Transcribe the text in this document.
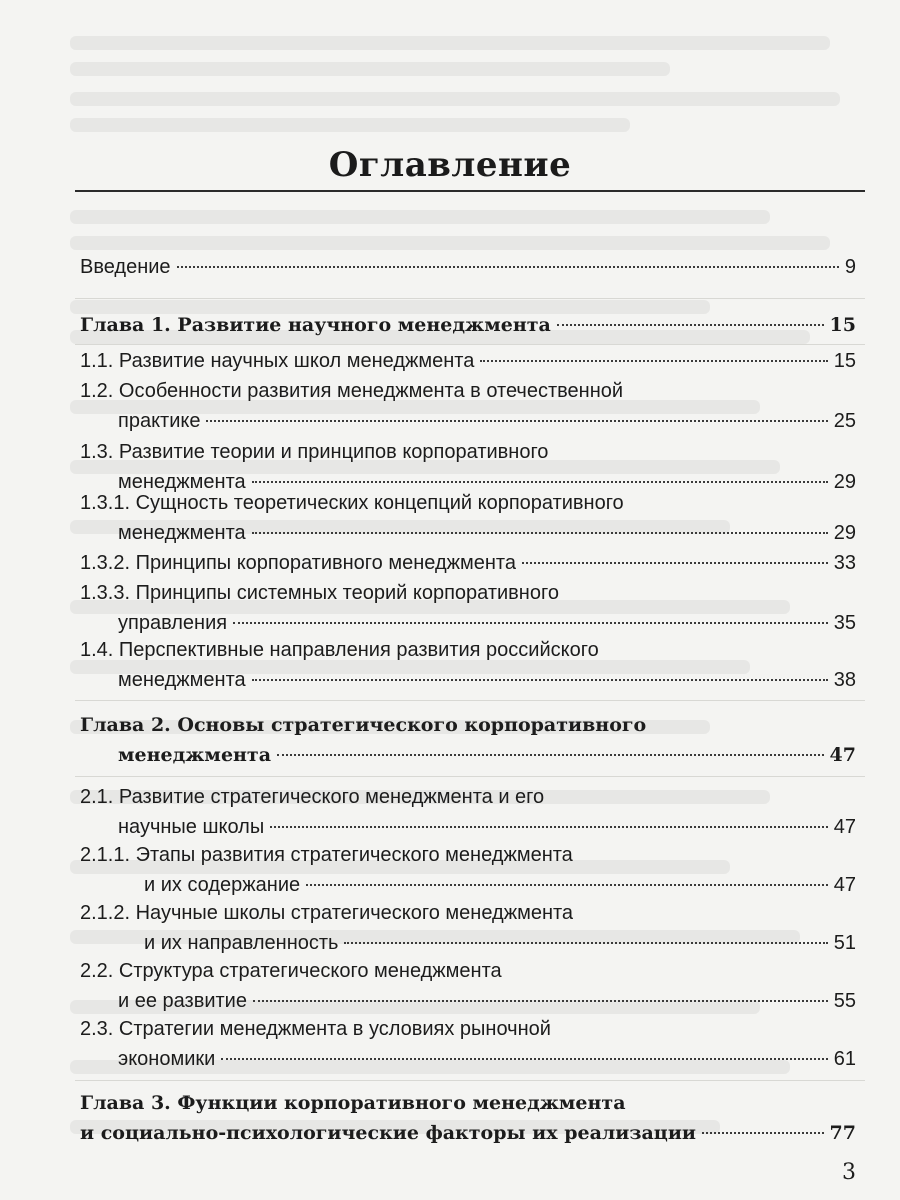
Оглавление
Введение	9
Глава 1. Развитие научного менеджмента	15
1.1. Развитие научных школ менеджмента	15
1.2. Особенности развития менеджмента в отечественной
практике	25
1.3. Развитие теории и принципов корпоративного
менеджмента	29
1.3.1. Сущность теоретических концепций корпоративного
менеджмента	29
1.3.2. Принципы корпоративного менеджмента	33
1.3.3. Принципы системных теорий корпоративного
управления	35
1.4. Перспективные направления развития российского
менеджмента	38
Глава 2. Основы стратегического корпоративного
менеджмента	47
2.1. Развитие стратегического менеджмента и его
научные школы	47
2.1.1. Этапы развития стратегического менеджмента
и их содержание	47
2.1.2. Научные школы стратегического менеджмента
и их направленность	51
2.2. Структура стратегического менеджмента
и ее развитие	55
2.3. Стратегии менеджмента в условиях рыночной
экономики	61
Глава 3. Функции корпоративного менеджмента
и социально-психологические факторы их реализации	77
3
